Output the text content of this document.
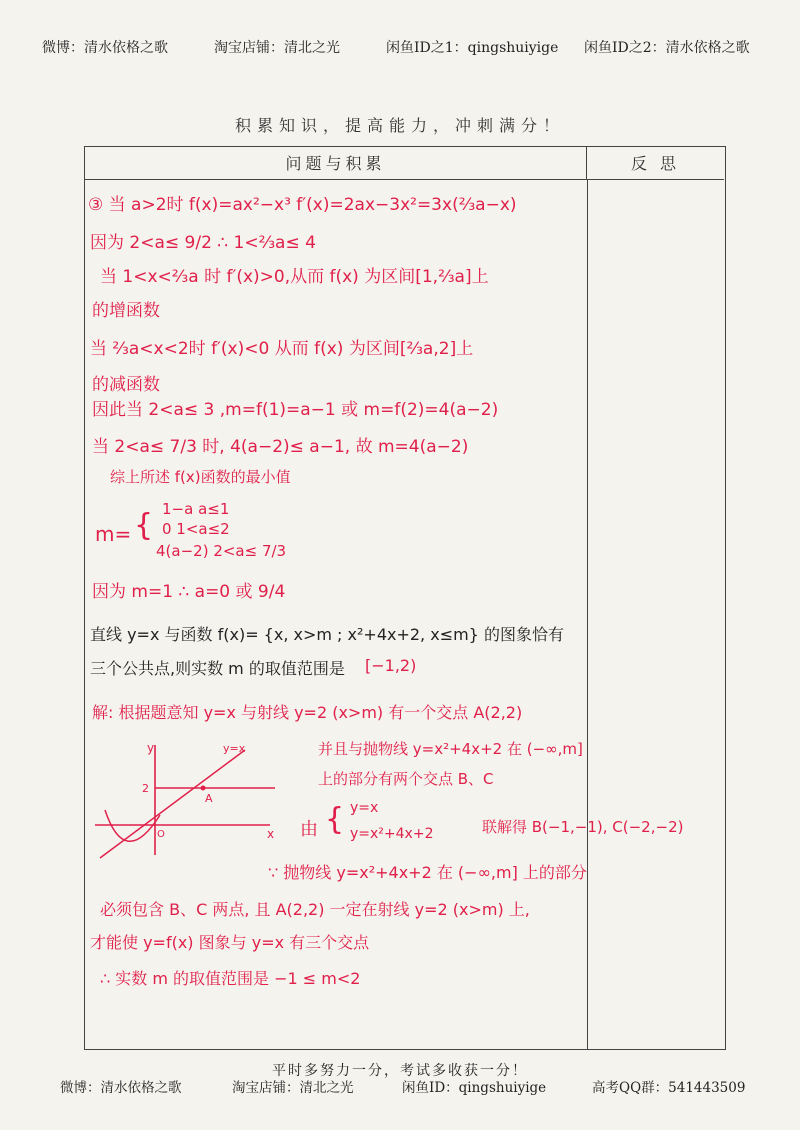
微博：清水依格之歌	淘宝店铺：清北之光	闲鱼ID之1：qingshuiyige 闲鱼ID之2：清水依格之歌
积累知识，提高能力，冲刺满分！
问题与积累	反 思
③ 当 a>2时 f(x)=ax²−x³ f′(x)=2ax−3x²=3x(⅔a−x)
因为 2<a≤ 9/2 ∴ 1<⅔a≤ 4
当 1<x<⅔a 时 f′(x)>0,从而 f(x) 为区间[1,⅔a]上
的增函数
当 ⅔a<x<2时 f′(x)<0 从而 f(x) 为区间[⅔a,2]上
的减函数
因此当 2<a≤ 3 ,m=f(1)=a−1 或 m=f(2)=4(a−2)
当 2<a≤ 7/3 时, 4(a−2)≤ a−1, 故 m=4(a−2)
综上所述 f(x)函数的最小值
m= { 1−a a≤1
0 1<a≤2
4(a−2) 2<a≤ 7/3
因为 m=1 ∴ a=0 或 9/4
直线 y=x 与函数 f(x)= {x, x>m ; x²+4x+2, x≤m} 的图象恰有
三个公共点,则实数 m 的取值范围是 [−1,2)
解: 根据题意知 y=x 与射线 y=2 (x>m) 有一个交点 A(2,2)
并且与抛物线 y=x²+4x+2 在 (−∞,m]
上的部分有两个交点 B、C
由 { y=x
y=x²+4x+2	联解得 B(−1,−1), C(−2,−2)
∵ 抛物线 y=x²+4x+2 在 (−∞,m] 上的部分
必须包含 B、C 两点, 且 A(2,2) 一定在射线 y=2 (x>m) 上,
才能使 y=f(x) 图象与 y=x 有三个交点
∴ 实数 m 的取值范围是 −1 ≤ m<2
y
x
y=x
2
A
O
平时多努力一分，考试多收获一分！
微博：清水依格之歌	淘宝店铺：清北之光	闲鱼ID：qingshuiyige	高考QQ群：541443509
